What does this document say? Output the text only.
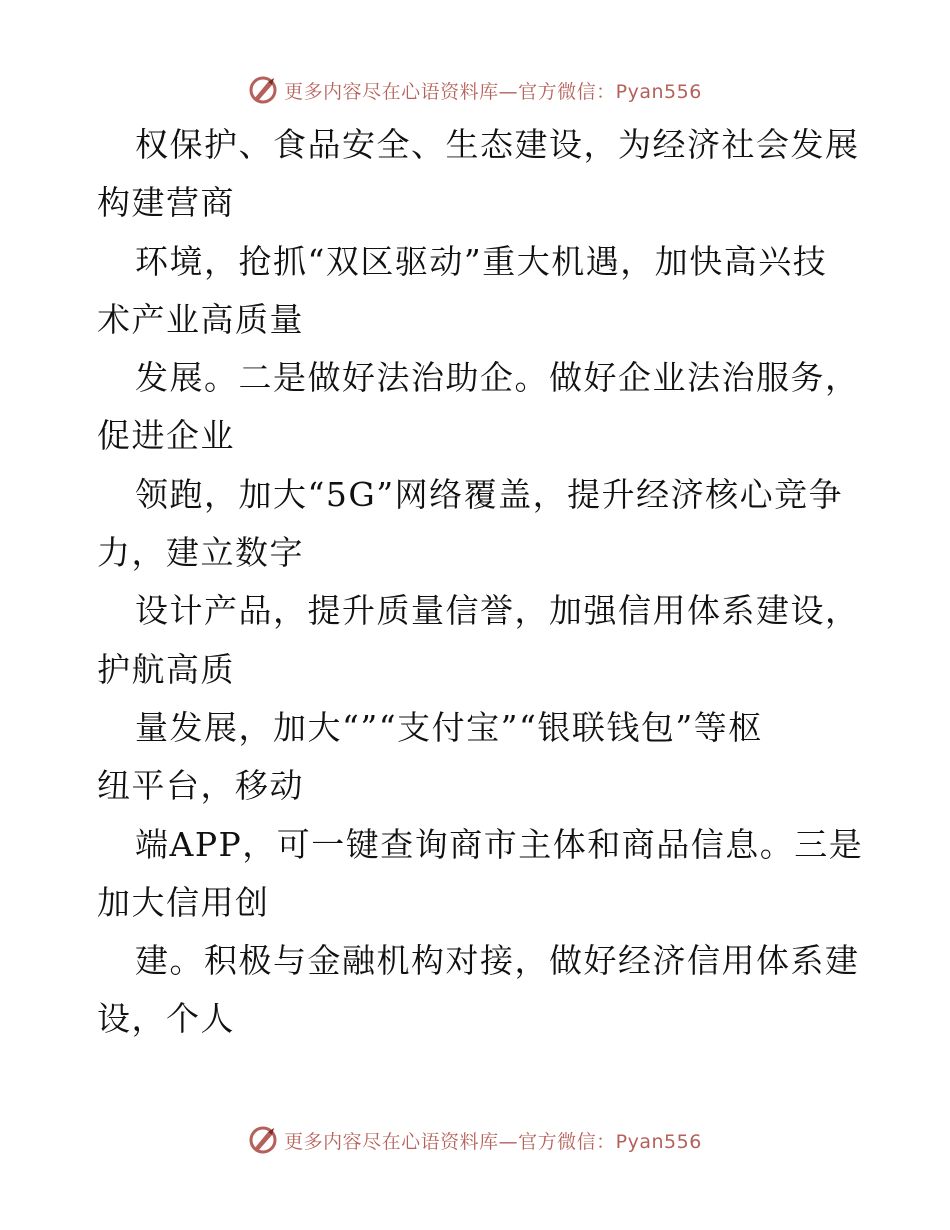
更多内容尽在心语资料库—官方微信：Pyan556
权保护、食品安全、生态建设，为经济社会发展
构建营商
环境，抢抓“双区驱动”重大机遇，加快高兴技
术产业高质量
发展。二是做好法治助企。做好企业法治服务，
促进企业
领跑，加大“5G”网络覆盖，提升经济核心竞争
力，建立数字
设计产品，提升质量信誉，加强信用体系建设，
护航高质
量发展，加大“”“支付宝”“银联钱包”等枢
纽平台，移动
端APP，可一键查询商市主体和商品信息。三是
加大信用创
建。积极与金融机构对接，做好经济信用体系建
设，个人
更多内容尽在心语资料库—官方微信：Pyan556
